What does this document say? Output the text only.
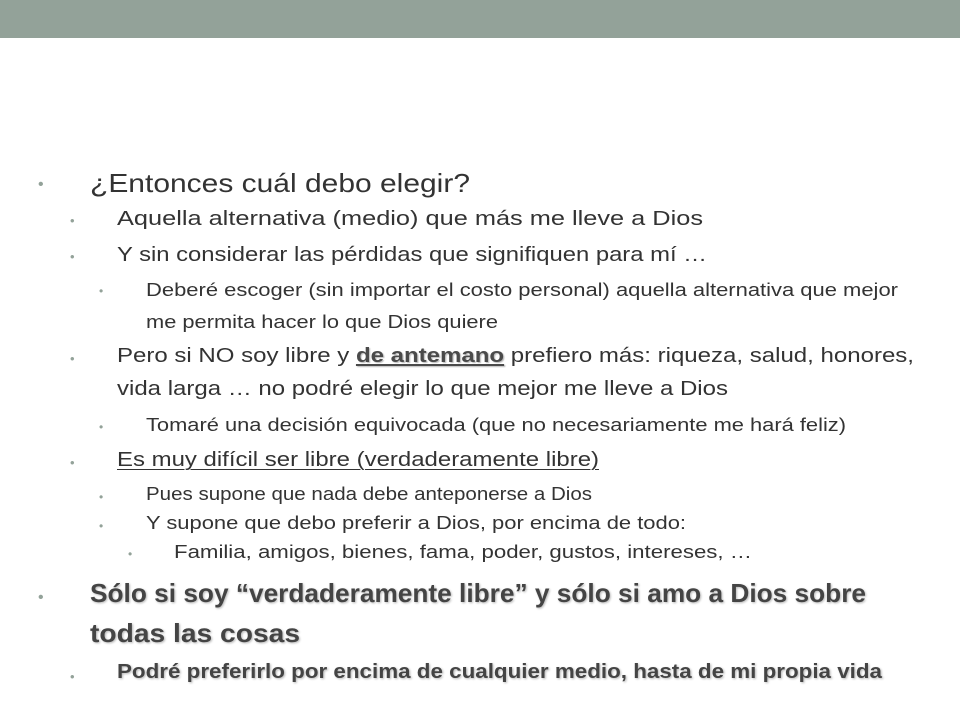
• ¿Entonces cuál debo elegir?
• Aquella alternativa (medio) que más me lleve a Dios
• Y sin considerar las pérdidas que signifiquen para mí …
• Deberé escoger (sin importar el costo personal) aquella alternativa que mejor
me permita hacer lo que Dios quiere
• Pero si NO soy libre y de antemano prefiero más: riqueza, salud, honores,
vida larga … no podré elegir lo que mejor me lleve a Dios
• Tomaré una decisión equivocada (que no necesariamente me hará feliz)
• Es muy difícil ser libre (verdaderamente libre)
• Pues supone que nada debe anteponerse a Dios
• Y supone que debo preferir a Dios, por encima de todo:
• Familia, amigos, bienes, fama, poder, gustos, intereses, …
• Sólo si soy “verdaderamente libre” y sólo si amo a Dios sobre
todas las cosas
• Podré preferirlo por encima de cualquier medio, hasta de mi propia vida
